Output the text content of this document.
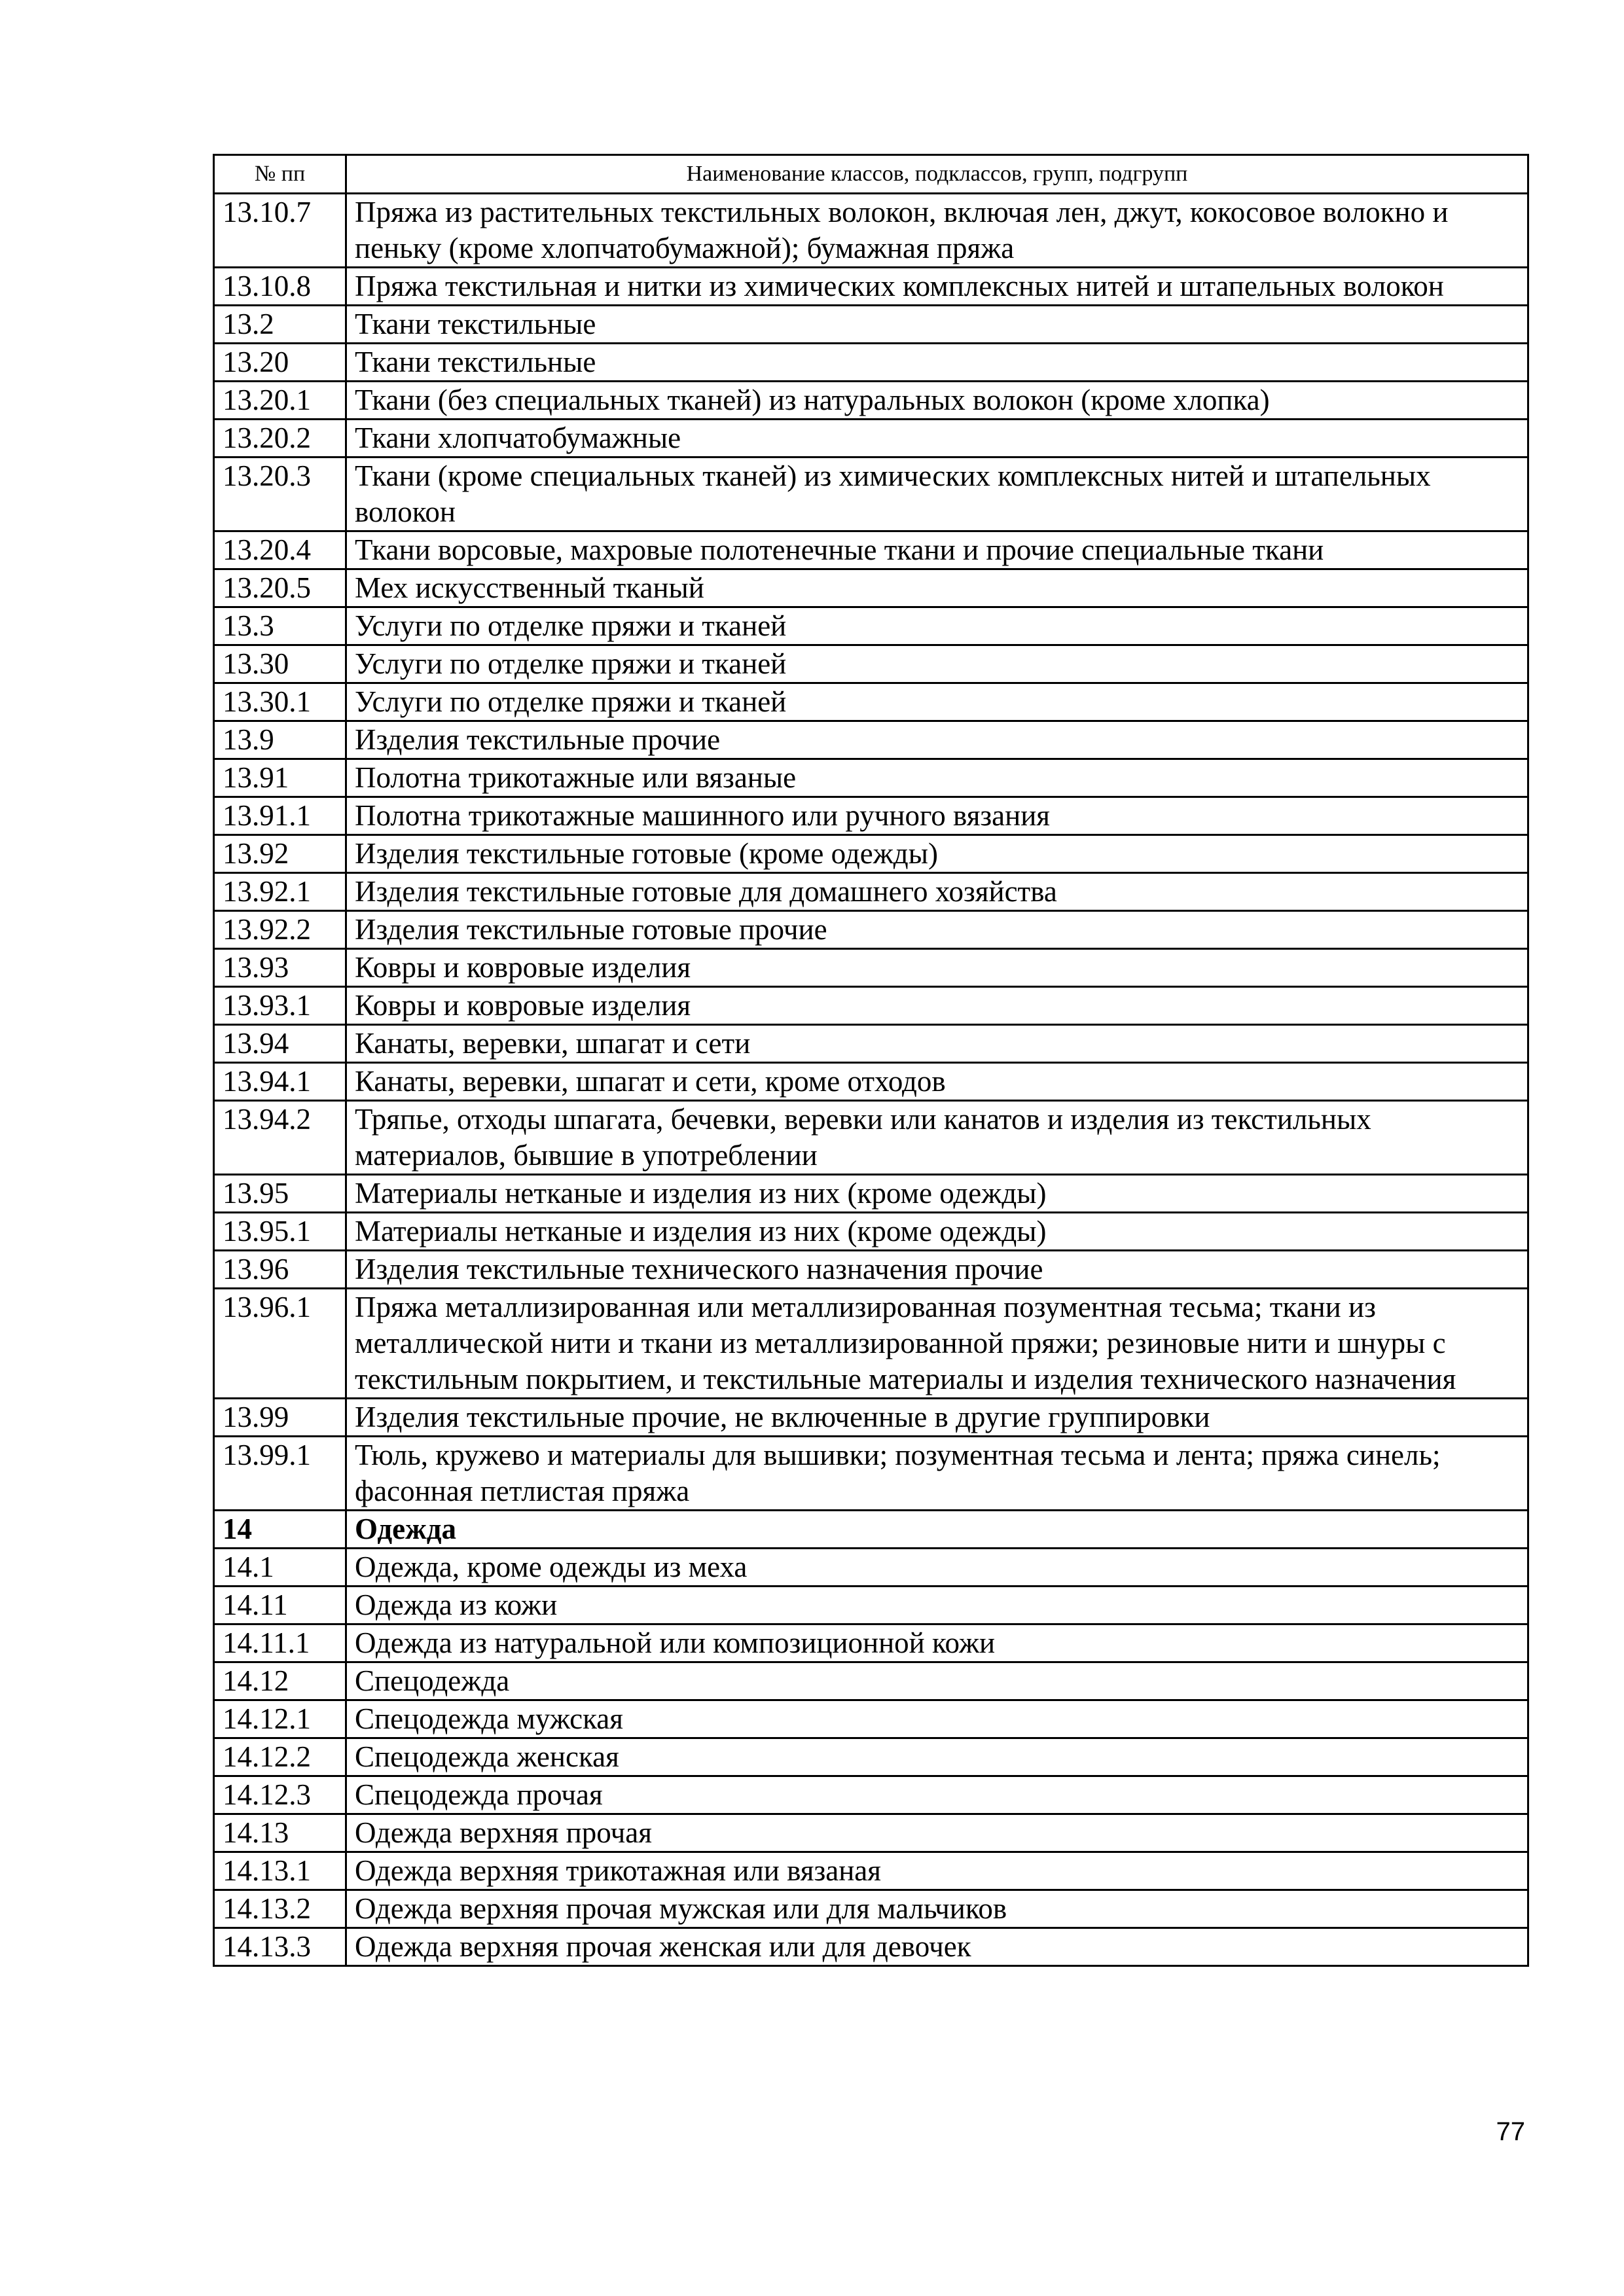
№ пп	Наименование классов, подклассов, групп, подгрупп
13.10.7	Пряжа из растительных текстильных волокон, включая лен, джут, кокосовое волокно и пеньку (кроме хлопчатобумажной); бумажная пряжа
13.10.8	Пряжа текстильная и нитки из химических комплексных нитей и штапельных волокон
13.2	Ткани текстильные
13.20	Ткани текстильные
13.20.1	Ткани (без специальных тканей) из натуральных волокон (кроме хлопка)
13.20.2	Ткани хлопчатобумажные
13.20.3	Ткани (кроме специальных тканей) из химических комплексных нитей и штапельных волокон
13.20.4	Ткани ворсовые, махровые полотенечные ткани и прочие специальные ткани
13.20.5	Мех искусственный тканый
13.3	Услуги по отделке пряжи и тканей
13.30	Услуги по отделке пряжи и тканей
13.30.1	Услуги по отделке пряжи и тканей
13.9	Изделия текстильные прочие
13.91	Полотна трикотажные или вязаные
13.91.1	Полотна трикотажные машинного или ручного вязания
13.92	Изделия текстильные готовые (кроме одежды)
13.92.1	Изделия текстильные готовые для домашнего хозяйства
13.92.2	Изделия текстильные готовые прочие
13.93	Ковры и ковровые изделия
13.93.1	Ковры и ковровые изделия
13.94	Канаты, веревки, шпагат и сети
13.94.1	Канаты, веревки, шпагат и сети, кроме отходов
13.94.2	Тряпье, отходы шпагата, бечевки, веревки или канатов и изделия из текстильных материалов, бывшие в употреблении
13.95	Материалы нетканые и изделия из них (кроме одежды)
13.95.1	Материалы нетканые и изделия из них (кроме одежды)
13.96	Изделия текстильные технического назначения прочие
13.96.1	Пряжа металлизированная или металлизированная позументная тесьма; ткани из металлической нити и ткани из металлизированной пряжи; резиновые нити и шнуры с текстильным покрытием, и текстильные материалы и изделия технического назначения
13.99	Изделия текстильные прочие, не включенные в другие группировки
13.99.1	Тюль, кружево и материалы для вышивки; позументная тесьма и лента; пряжа синель; фасонная петлистая пряжа
14	Одежда
14.1	Одежда, кроме одежды из меха
14.11	Одежда из кожи
14.11.1	Одежда из натуральной или композиционной кожи
14.12	Спецодежда
14.12.1	Спецодежда мужская
14.12.2	Спецодежда женская
14.12.3	Спецодежда прочая
14.13	Одежда верхняя прочая
14.13.1	Одежда верхняя трикотажная или вязаная
14.13.2	Одежда верхняя прочая мужская или для мальчиков
14.13.3	Одежда верхняя прочая женская или для девочек
77
